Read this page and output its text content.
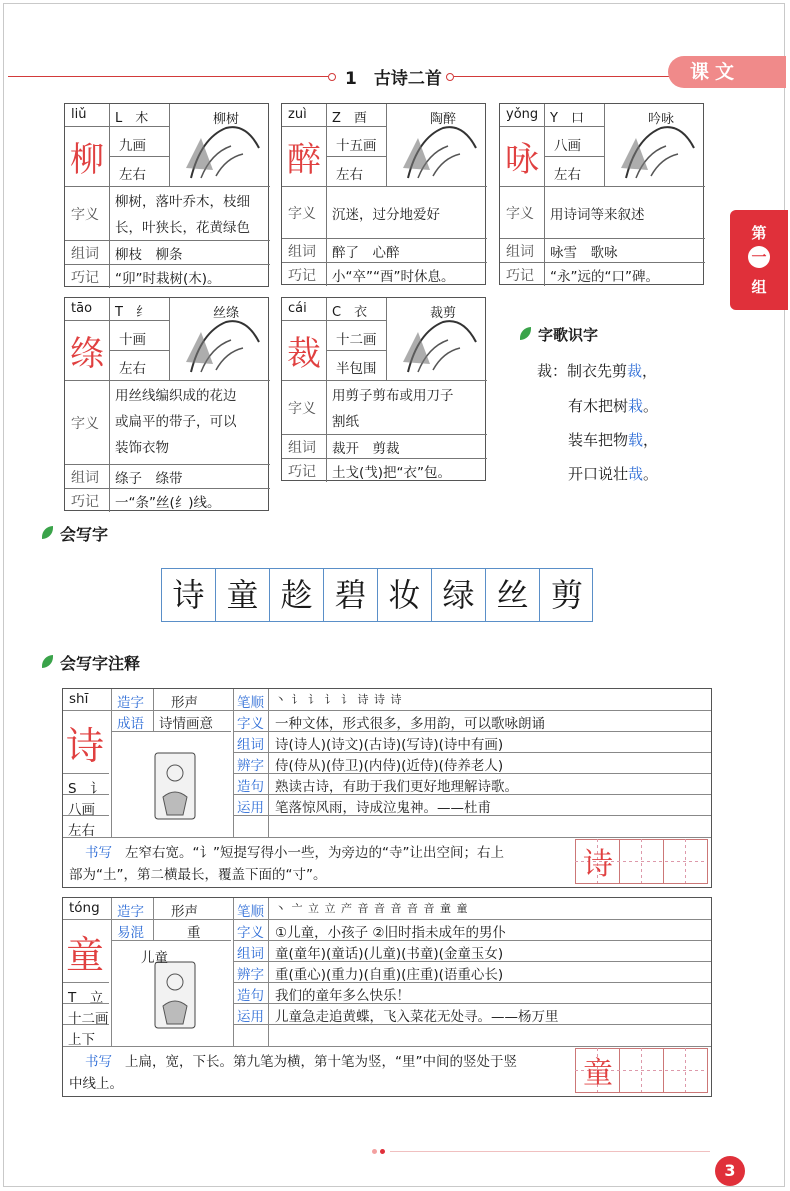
1　古诗二首	课文
第
一
组
liǔ L　木
柳 九画
左右
柳树
字义
柳树，落叶乔木，枝细
长，叶狭长，花黄绿色
组词 柳枝　柳条
巧记 “卯”时栽树(木)。
zuì Z　酉
醉 十五画
左右
陶醉
字义 沉迷，过分地爱好
组词 醉了　心醉
巧记 小“卒”“酉”时休息。
yǒng Y　口
咏 八画
左右
吟咏
字义 用诗词等来叙述
组词 咏雪　歌咏
巧记 “永”远的“口”碑。
tāo T　纟
绦 十画
左右
丝绦
字义
用丝线编织成的花边
或扁平的带子，可以
装饰衣物
组词 绦子　绦带
巧记 一“条”丝(纟)线。
cái C　衣
裁 十二画
半包围
裁剪
字义
用剪子剪布或用刀子
割纸
组词 裁开　剪裁
巧记 土戈(𢦏)把“衣”包。
字歌识字
裁：制衣先剪裁，
有木把树栽。
装车把物载，
开口说壮哉。
会写字
诗 童 趁 碧 妆 绿 丝 剪
会写字注释
shī
诗
S　讠
八画
左右
造字 形声
成语 诗情画意
笔顺 丶 讠 讠 讠 讠 诗 诗 诗
字义 一种文体，形式很多，多用韵，可以歌咏朗诵
组词 诗(诗人)(诗文)(古诗)(写诗)(诗中有画)
辨字 侍(侍从)(侍卫)(内侍)(近侍)(侍养老人)
造句 熟读古诗，有助于我们更好地理解诗歌。
运用 笔落惊风雨，诗成泣鬼神。——杜甫
书写 左窄右宽。“讠”短提写得小一些，为旁边的“寺”让出空间；右上
部为“土”，第二横最长，覆盖下面的“寸”。	诗
tóng
童
T　立
十二画
上下
造字 形声
易混	重
儿童
笔顺 丶 亠 立 立 产 音 音 音 音 音 童 童
字义 ①儿童，小孩子 ②旧时指未成年的男仆
组词 童(童年)(童话)(儿童)(书童)(金童玉女)
辨字 重(重心)(重力)(自重)(庄重)(语重心长)
造句 我们的童年多么快乐！
运用 儿童急走追黄蝶，飞入菜花无处寻。——杨万里
书写 上扁，宽，下长。第九笔为横，第十笔为竖，“里”中间的竖处于竖
中线上。	童
3
